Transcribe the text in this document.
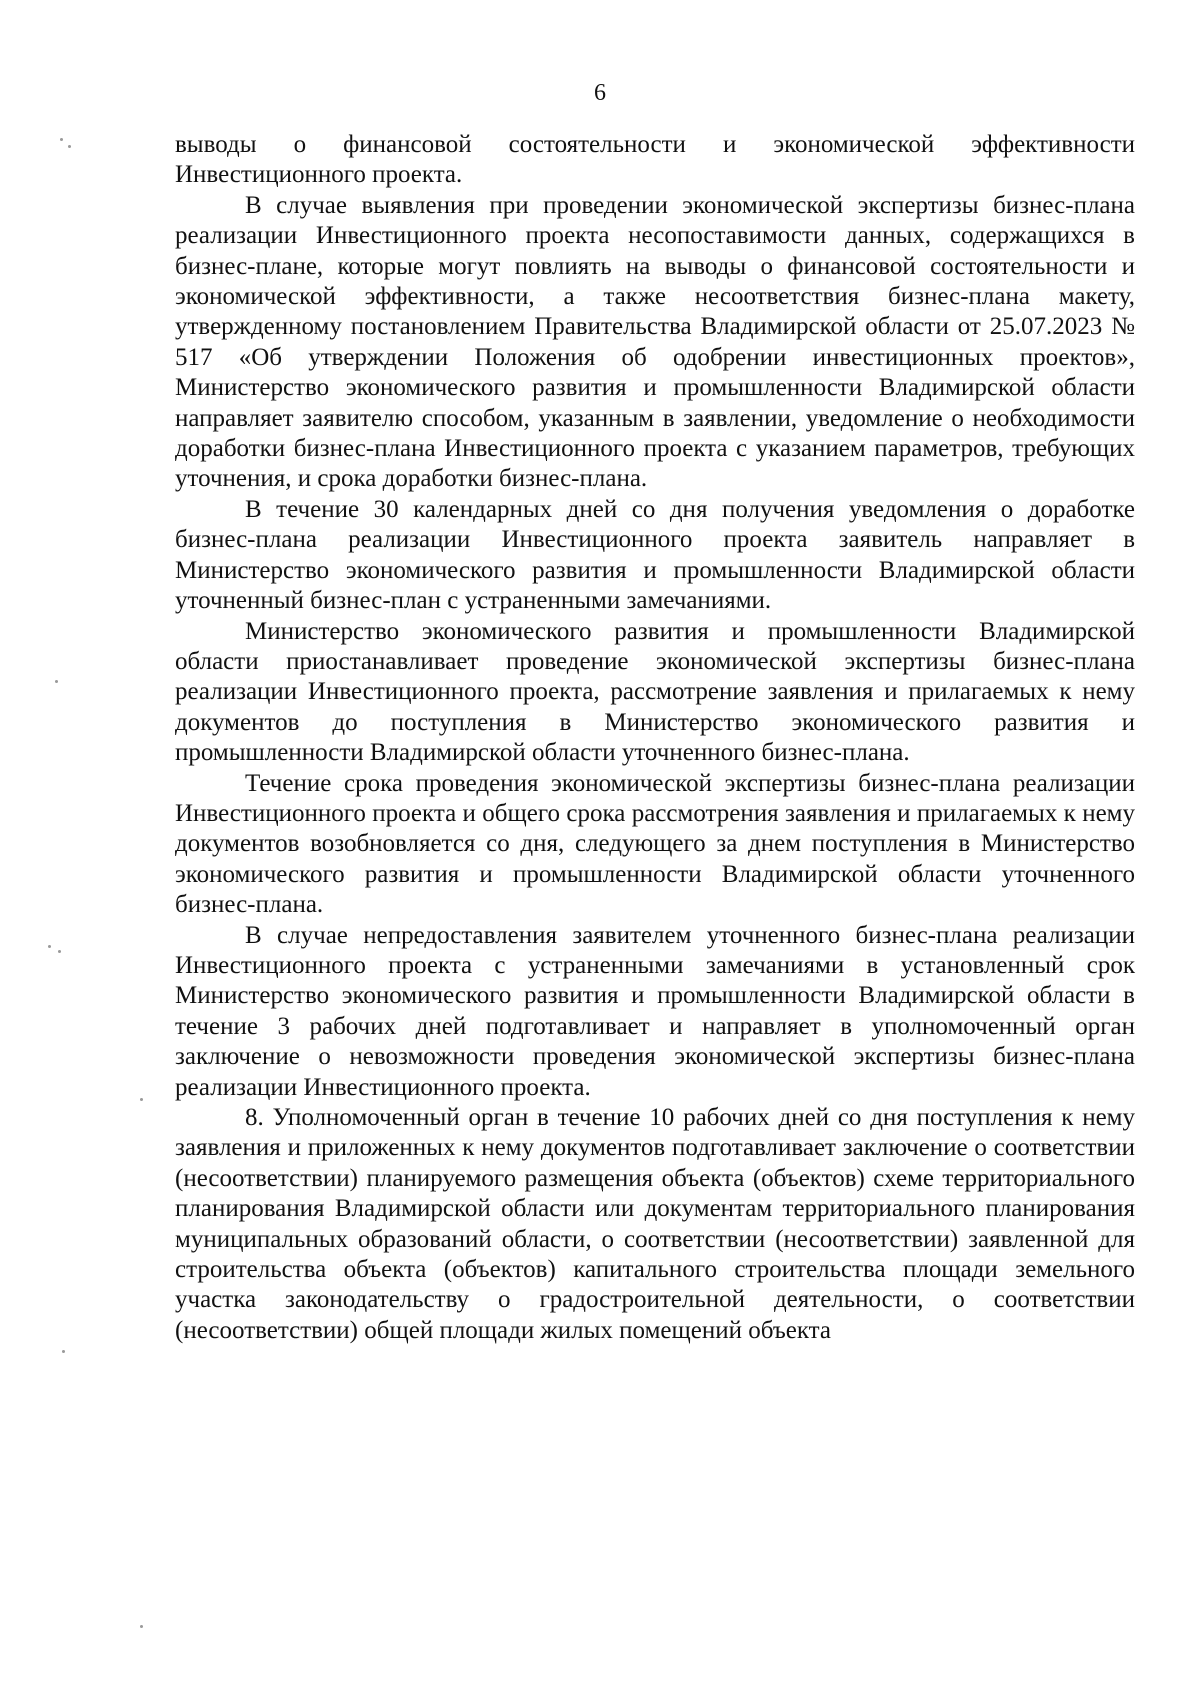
6

выводы о финансовой состоятельности и экономической эффективности Инвестиционного проекта.

В случае выявления при проведении экономической экспертизы бизнес-плана реализации Инвестиционного проекта несопоставимости данных, содержащихся в бизнес-плане, которые могут повлиять на выводы о финансовой состоятельности и экономической эффективности, а также несоответствия бизнес-плана макету, утвержденному постановлением Правительства Владимирской области от 25.07.2023 № 517 «Об утверждении Положения об одобрении инвестиционных проектов», Министерство экономического развития и промышленности Владимирской области направляет заявителю способом, указанным в заявлении, уведомление о необходимости доработки бизнес-плана Инвестиционного проекта с указанием параметров, требующих уточнения, и срока доработки бизнес-плана.

В течение 30 календарных дней со дня получения уведомления о доработке бизнес-плана реализации Инвестиционного проекта заявитель направляет в Министерство экономического развития и промышленности Владимирской области уточненный бизнес-план с устраненными замечаниями.

Министерство экономического развития и промышленности Владимирской области приостанавливает проведение экономической экспертизы бизнес-плана реализации Инвестиционного проекта, рассмотрение заявления и прилагаемых к нему документов до поступления в Министерство экономического развития и промышленности Владимирской области уточненного бизнес-плана.

Течение срока проведения экономической экспертизы бизнес-плана реализации Инвестиционного проекта и общего срока рассмотрения заявления и прилагаемых к нему документов возобновляется со дня, следующего за днем поступления в Министерство экономического развития и промышленности Владимирской области уточненного бизнес-плана.

В случае непредоставления заявителем уточненного бизнес-плана реализации Инвестиционного проекта с устраненными замечаниями в установленный срок Министерство экономического развития и промышленности Владимирской области в течение 3 рабочих дней подготавливает и направляет в уполномоченный орган заключение о невозможности проведения экономической экспертизы бизнес-плана реализации Инвестиционного проекта.

8. Уполномоченный орган в течение 10 рабочих дней со дня поступления к нему заявления и приложенных к нему документов подготавливает заключение о соответствии (несоответствии) планируемого размещения объекта (объектов) схеме территориального планирования Владимирской области или документам территориального планирования муниципальных образований области, о соответствии (несоответствии) заявленной для строительства объекта (объектов) капитального строительства площади земельного участка законодательству о градостроительной деятельности, о соответствии (несоответствии) общей площади жилых помещений объекта
